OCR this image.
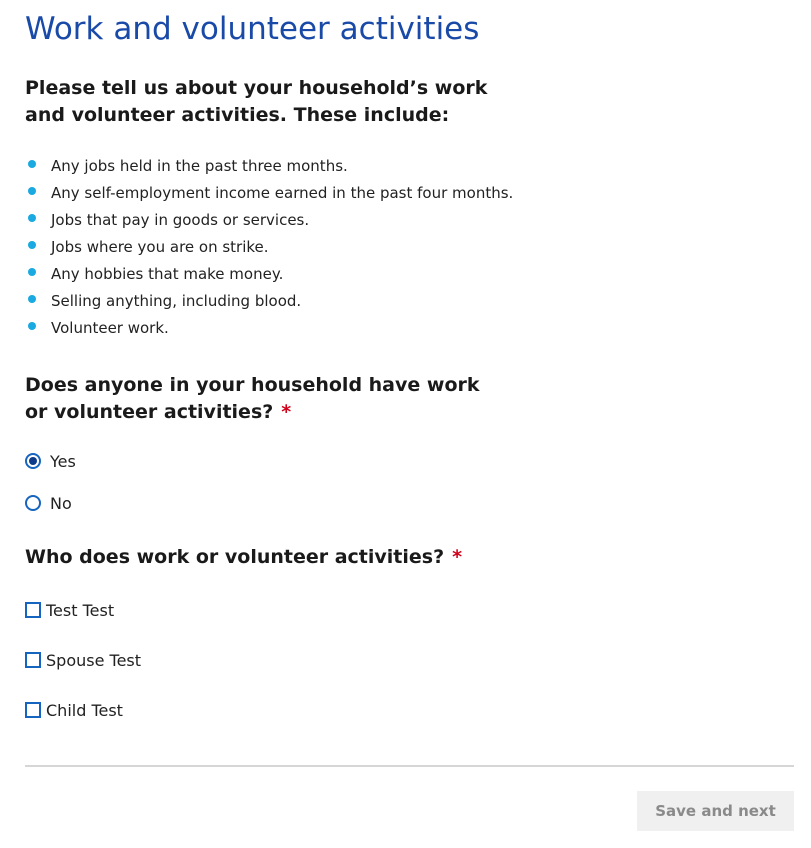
Work and volunteer activities

Please tell us about your household’s work and volunteer activities. These include:

Any jobs held in the past three months.
Any self-employment income earned in the past four months.
Jobs that pay in goods or services.
Jobs where you are on strike.
Any hobbies that make money.
Selling anything, including blood.
Volunteer work.

Does anyone in your household have work or volunteer activities? *

Yes
No

Who does work or volunteer activities? *

Test Test
Spouse Test
Child Test
Save and next
